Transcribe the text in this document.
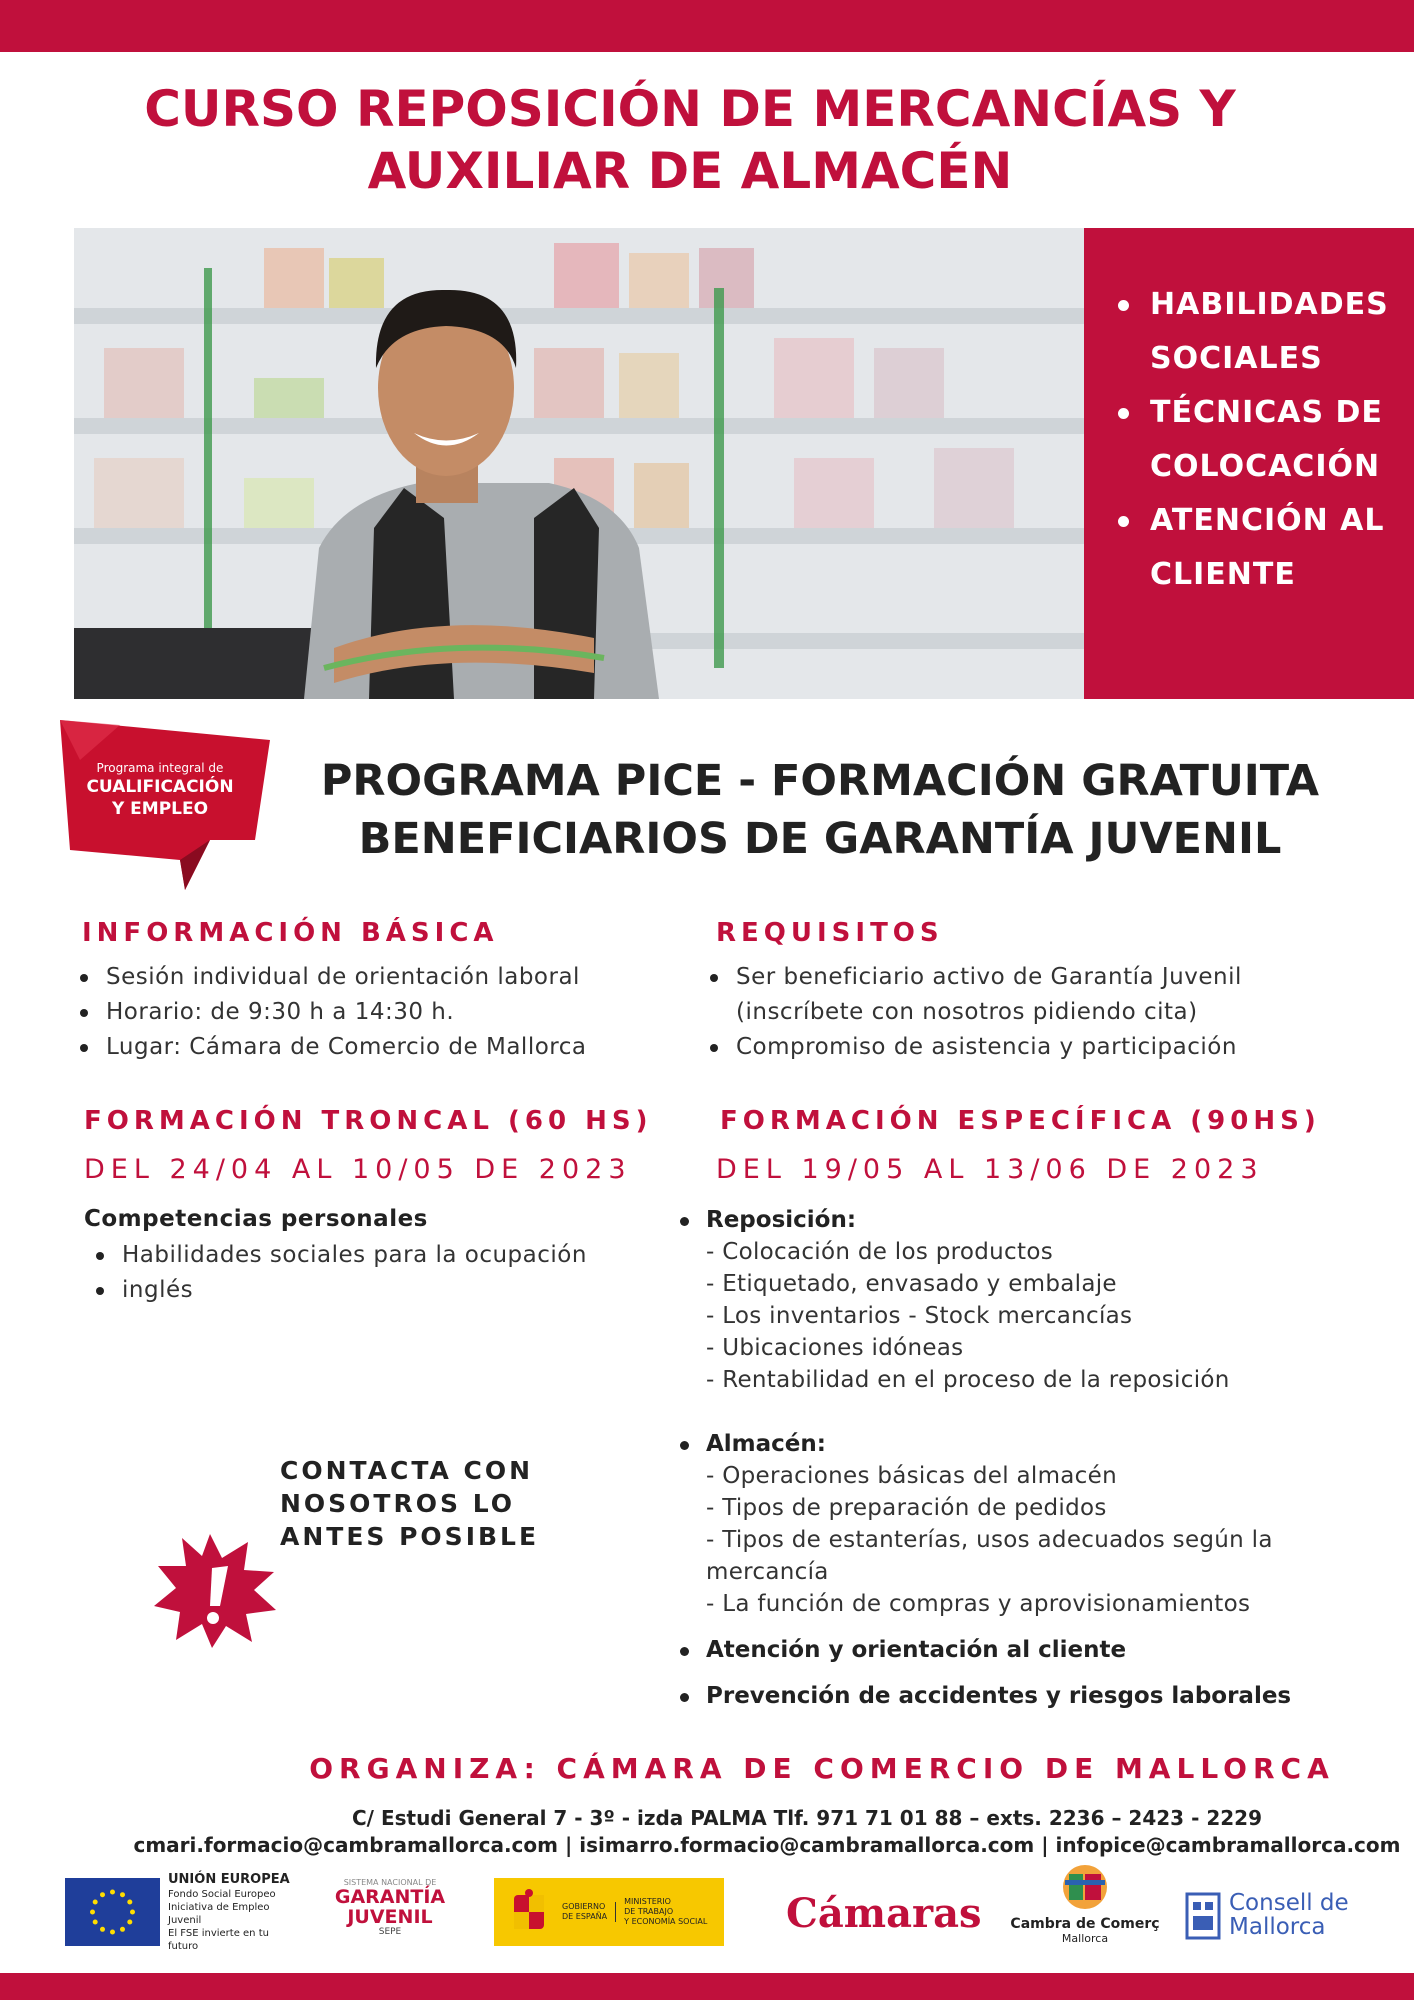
CURSO REPOSICIÓN DE MERCANCÍAS Y
AUXILIAR DE ALMACÉN
HABILIDADES SOCIALES
TÉCNICAS DE COLOCACIÓN
ATENCIÓN AL CLIENTE
Programa integral de
CUALIFICACIÓN
Y EMPLEO
PROGRAMA PICE - FORMACIÓN GRATUITA
BENEFICIARIOS DE GARANTÍA JUVENIL
INFORMACIÓN BÁSICA
Sesión individual de orientación laboral
Horario: de 9:30 h a 14:30 h.
Lugar: Cámara de Comercio de Mallorca
REQUISITOS
Ser beneficiario activo de Garantía Juvenil
(inscríbete con nosotros pidiendo cita)
Compromiso de asistencia y participación
FORMACIÓN TRONCAL (60 HS)
DEL 24/04 AL 10/05 DE 2023
Competencias personales
Habilidades sociales para la ocupación
inglés
FORMACIÓN ESPECÍFICA (90HS)
DEL 19/05 AL 13/06 DE 2023
Reposición:
- Colocación de los productos
- Etiquetado, envasado y embalaje
- Los inventarios - Stock mercancías
- Ubicaciones idóneas
- Rentabilidad en el proceso de la reposición
Almacén:
- Operaciones básicas del almacén
- Tipos de preparación de pedidos
- Tipos de estanterías, usos adecuados según la mercancía
- La función de compras y aprovisionamientos
Atención y orientación al cliente
Prevención de accidentes y riesgos laborales
CONTACTA CON
NOSOTROS LO
ANTES POSIBLE
ORGANIZA: CÁMARA DE COMERCIO DE MALLORCA
C/ Estudi General 7 - 3º - izda PALMA Tlf. 971 71 01 88 – exts. 2236 – 2423 - 2229
cmari.formacio@cambramallorca.com | isimarro.formacio@cambramallorca.com | infopice@cambramallorca.com
UNIÓN EUROPEA
Fondo Social Europeo
Iniciativa de Empleo Juvenil
El FSE invierte en tu futuro
SISTEMA NACIONAL DE
GARANTÍA
JUVENIL
SEPE
GOBIERNO
DE ESPAÑA
MINISTERIO
DE TRABAJO
Y ECONOMÍA SOCIAL Cámaras Cambra de Comerç
Mallorca
Consell de
Mallorca
